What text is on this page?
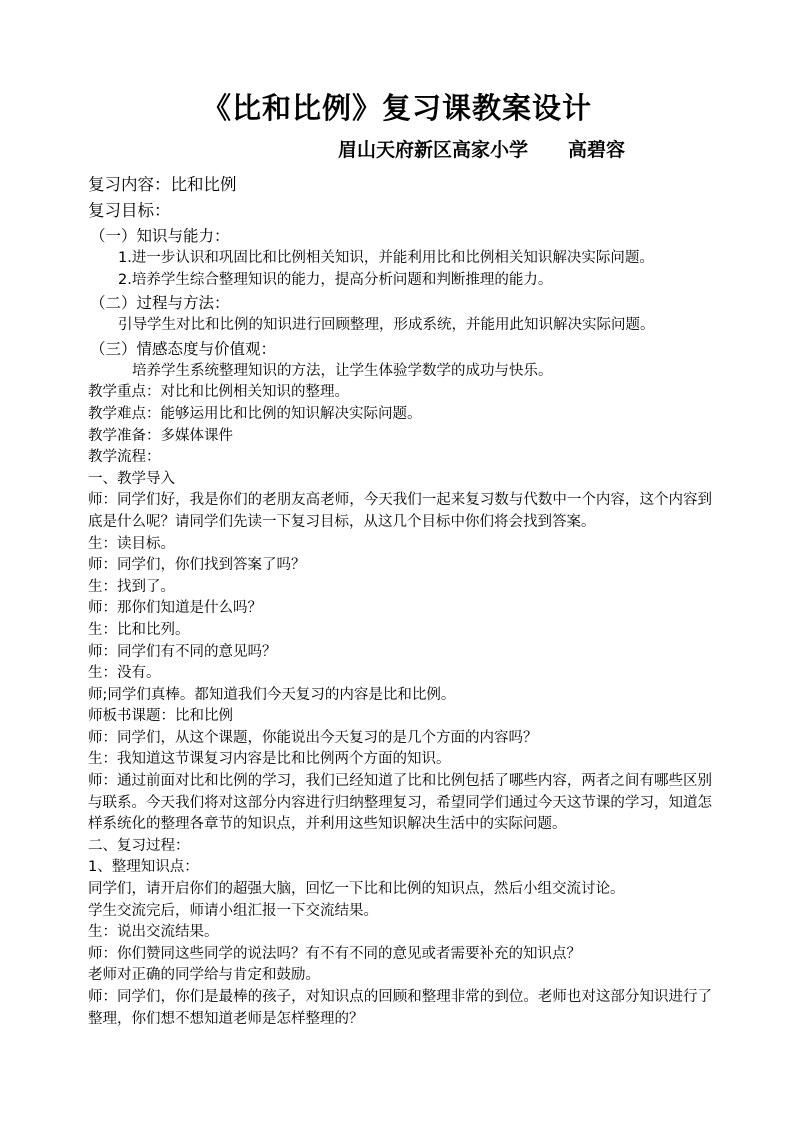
《比和比例》复习课教案设计
眉山天府新区高家小学 高碧容
复习内容：比和比例
复习目标：
（一）知识与能力：
1.进一步认识和巩固比和比例相关知识，并能利用比和比例相关知识解决实际问题。
2.培养学生综合整理知识的能力，提高分析问题和判断推理的能力。
（二）过程与方法：
引导学生对比和比例的知识进行回顾整理，形成系统，并能用此知识解决实际问题。
（三）情感态度与价值观：
培养学生系统整理知识的方法，让学生体验学数学的成功与快乐。
教学重点：对比和比例相关知识的整理。
教学难点：能够运用比和比例的知识解决实际问题。
教学准备：多媒体课件
教学流程：
一、教学导入
师：同学们好，我是你们的老朋友高老师，今天我们一起来复习数与代数中一个内容，这个内容到底是什么呢？请同学们先读一下复习目标，从这几个目标中你们将会找到答案。
生：读目标。
师：同学们，你们找到答案了吗？
生：找到了。
师：那你们知道是什么吗？
生：比和比列。
师：同学们有不同的意见吗？
生：没有。
师;同学们真棒。都知道我们今天复习的内容是比和比例。
师板书课题：比和比例
师：同学们，从这个课题，你能说出今天复习的是几个方面的内容吗？
生：我知道这节课复习内容是比和比例两个方面的知识。
师：通过前面对比和比例的学习，我们已经知道了比和比例包括了哪些内容，两者之间有哪些区别与联系。今天我们将对这部分内容进行归纳整理复习，希望同学们通过今天这节课的学习，知道怎样系统化的整理各章节的知识点，并利用这些知识解决生活中的实际问题。
二、复习过程：
1、整理知识点：
同学们，请开启你们的超强大脑，回忆一下比和比例的知识点，然后小组交流讨论。
学生交流完后，师请小组汇报一下交流结果。
生：说出交流结果。
师：你们赞同这些同学的说法吗？有不有不同的意见或者需要补充的知识点？
老师对正确的同学给与肯定和鼓励。
师：同学们，你们是最棒的孩子，对知识点的回顾和整理非常的到位。老师也对这部分知识进行了整理，你们想不想知道老师是怎样整理的？
